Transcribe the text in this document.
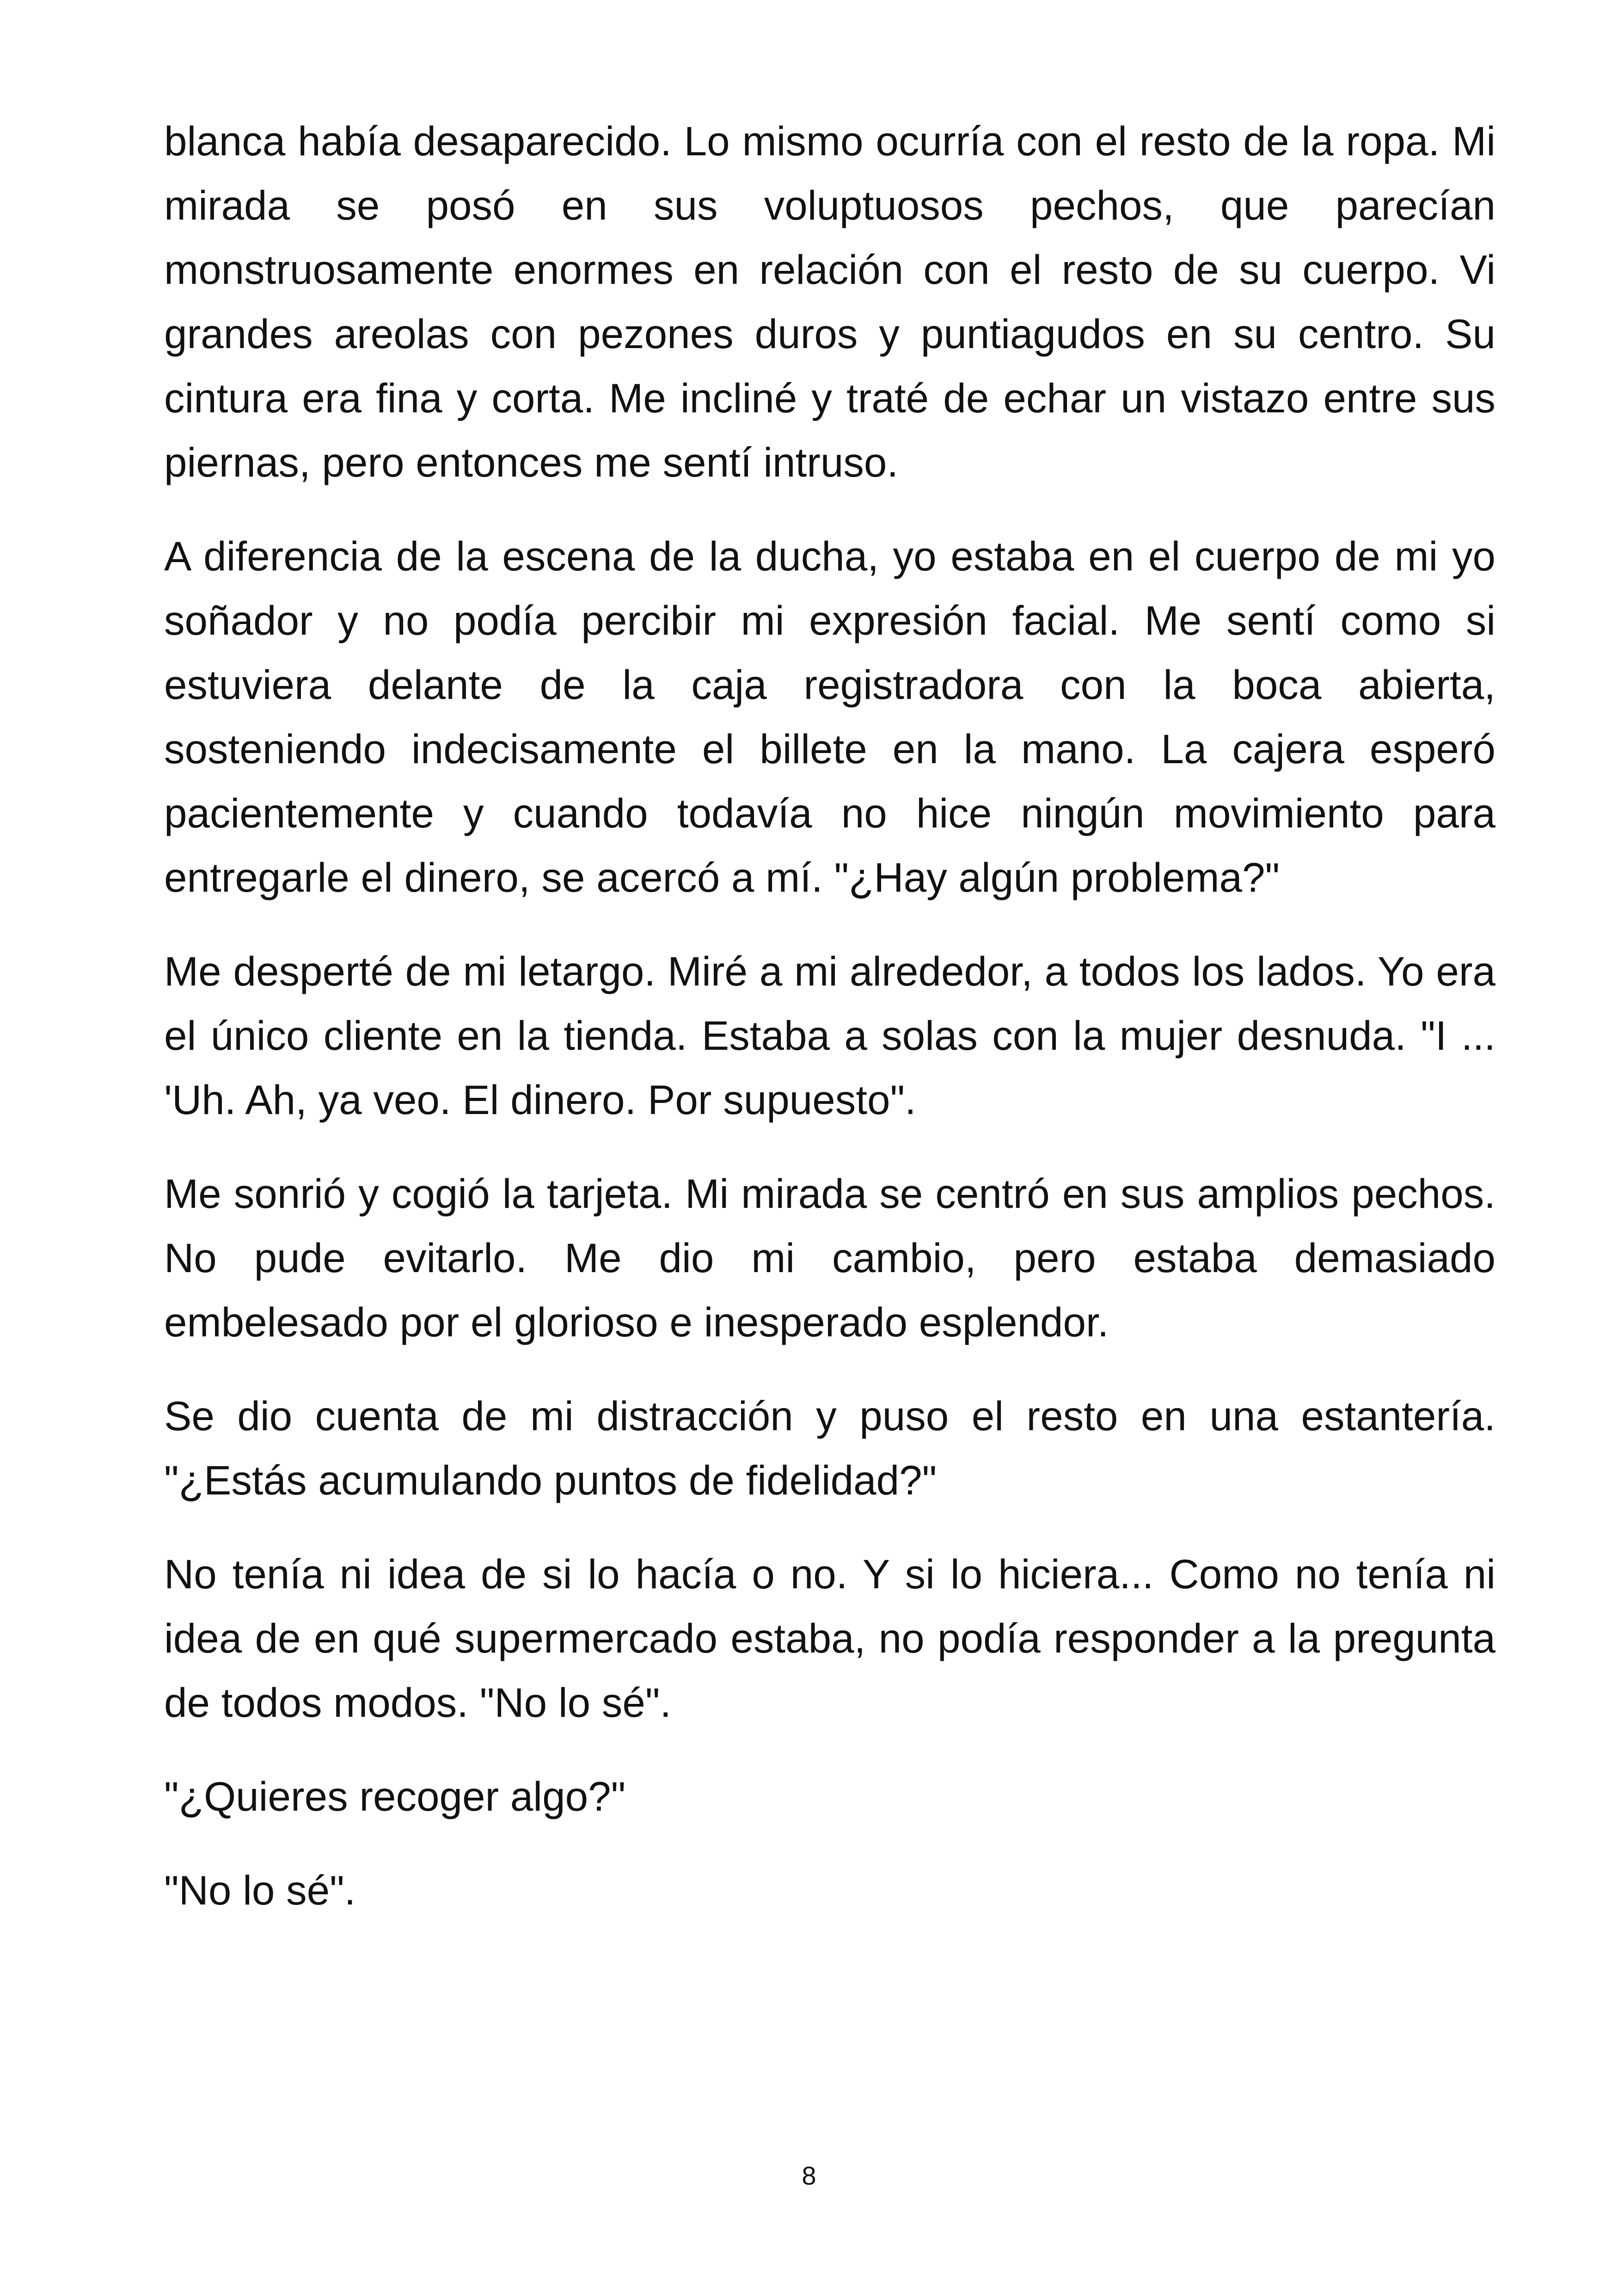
blanca había desaparecido. Lo mismo ocurría con el resto de la ropa. Mi mirada se posó en sus voluptuosos pechos, que parecían monstruosamente enormes en relación con el resto de su cuerpo. Vi grandes areolas con pezones duros y puntiagudos en su centro. Su cintura era fina y corta. Me incliné y traté de echar un vistazo entre sus piernas, pero entonces me sentí intruso.

A diferencia de la escena de la ducha, yo estaba en el cuerpo de mi yo soñador y no podía percibir mi expresión facial. Me sentí como si estuviera delante de la caja registradora con la boca abierta, sosteniendo indecisamente el billete en la mano. La cajera esperó pacientemente y cuando todavía no hice ningún movimiento para entregarle el dinero, se acercó a mí. "¿Hay algún problema?"

Me desperté de mi letargo. Miré a mi alrededor, a todos los lados. Yo era el único cliente en la tienda. Estaba a solas con la mujer desnuda. "I ... 'Uh. Ah, ya veo. El dinero. Por supuesto".

Me sonrió y cogió la tarjeta. Mi mirada se centró en sus amplios pechos. No pude evitarlo. Me dio mi cambio, pero estaba demasiado embelesado por el glorioso e inesperado esplendor.

Se dio cuenta de mi distracción y puso el resto en una estantería. "¿Estás acumulando puntos de fidelidad?"

No tenía ni idea de si lo hacía o no. Y si lo hiciera... Como no tenía ni idea de en qué supermercado estaba, no podía responder a la pregunta de todos modos. "No lo sé".

"¿Quieres recoger algo?"

"No lo sé".

8
